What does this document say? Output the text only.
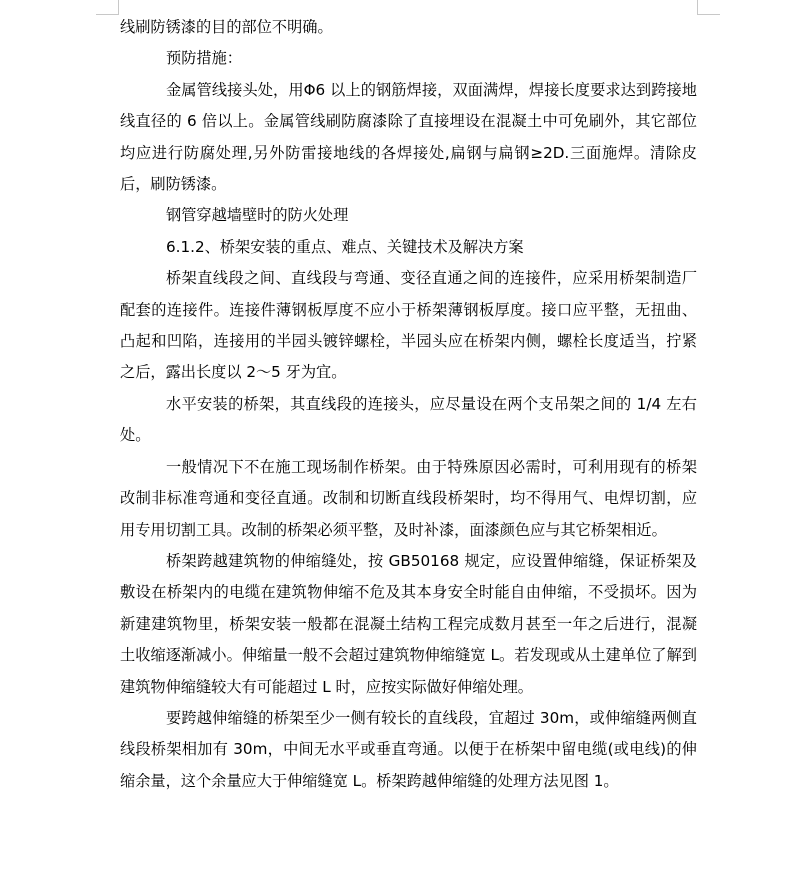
线刷防锈漆的目的部位不明确。

预防措施：

金属管线接头处，用Φ6 以上的钢筋焊接，双面满焊，焊接长度要求达到跨接地线直径的 6 倍以上。金属管线刷防腐漆除了直接埋设在混凝土中可免刷外，其它部位均应进行防腐处理,另外防雷接地线的各焊接处,扁钢与扁钢≥2D.三面施焊。清除皮后，刷防锈漆。

钢管穿越墙壁时的防火处理

6.1.2、桥架安装的重点、难点、关键技术及解决方案

桥架直线段之间、直线段与弯通、变径直通之间的连接件，应采用桥架制造厂配套的连接件。连接件薄钢板厚度不应小于桥架薄钢板厚度。接口应平整，无扭曲、凸起和凹陷，连接用的半园头镀锌螺栓，半园头应在桥架内侧，螺栓长度适当，拧紧之后，露出长度以 2～5 牙为宜。

水平安装的桥架，其直线段的连接头，应尽量设在两个支吊架之间的 1/4 左右处。

一般情况下不在施工现场制作桥架。由于特殊原因必需时，可利用现有的桥架改制非标准弯通和变径直通。改制和切断直线段桥架时，均不得用气、电焊切割，应用专用切割工具。改制的桥架必须平整，及时补漆，面漆颜色应与其它桥架相近。

桥架跨越建筑物的伸缩缝处，按 GB50168 规定，应设置伸缩缝，保证桥架及敷设在桥架内的电缆在建筑物伸缩不危及其本身安全时能自由伸缩，不受损坏。因为新建建筑物里，桥架安装一般都在混凝土结构工程完成数月甚至一年之后进行，混凝土收缩逐渐减小。伸缩量一般不会超过建筑物伸缩缝宽 L。若发现或从土建单位了解到建筑物伸缩缝较大有可能超过 L 时，应按实际做好伸缩处理。

要跨越伸缩缝的桥架至少一侧有较长的直线段，宜超过 30m，或伸缩缝两侧直线段桥架相加有 30m，中间无水平或垂直弯通。以便于在桥架中留电缆(或电线)的伸缩余量，这个余量应大于伸缩缝宽 L。桥架跨越伸缩缝的处理方法见图 1。
